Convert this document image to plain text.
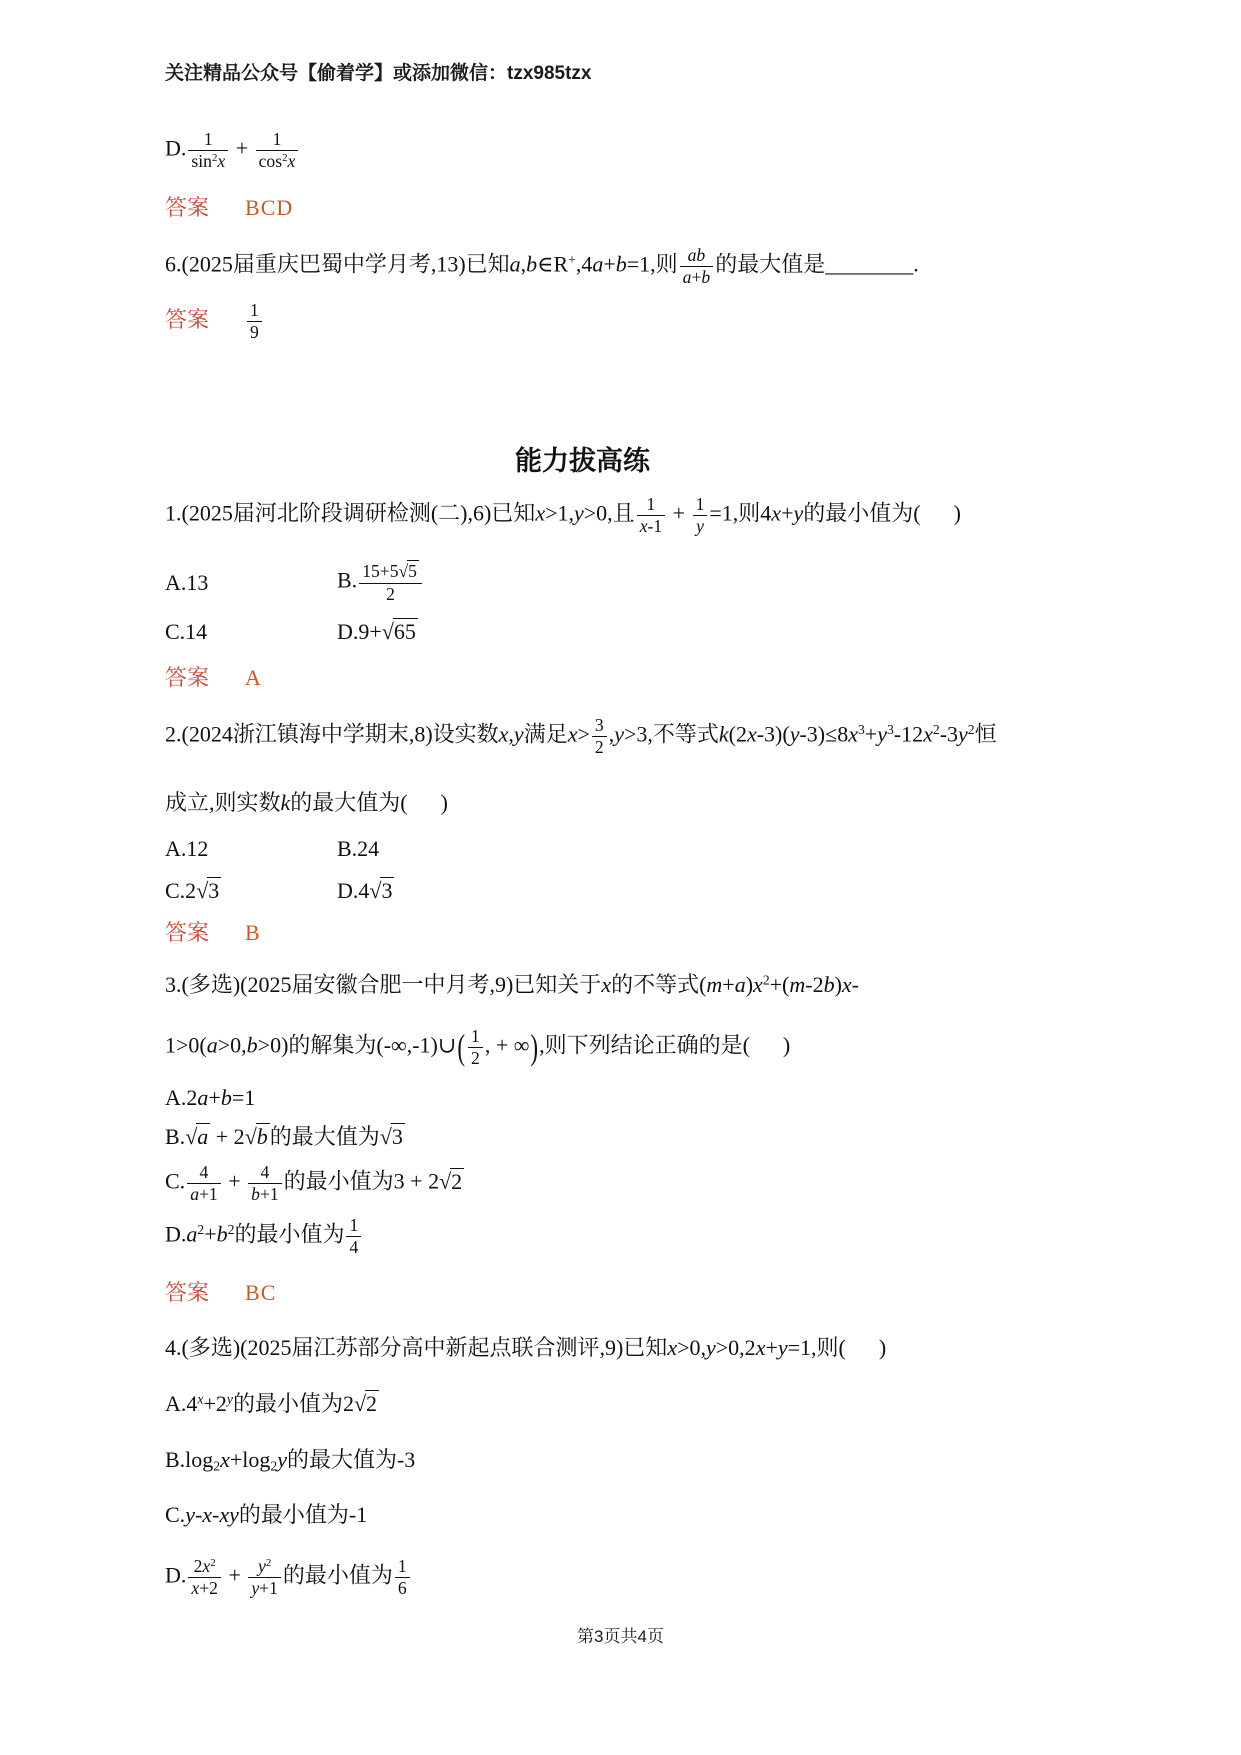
关注精品公众号【偷着学】或添加微信：tzx985tzx
D. $\frac{1}{\sin^2x} + \frac{1}{\cos^2x}$
答案 BCD
6.(2025届重庆巴蜀中学月考,13)已知a,b∈R+,4a+b=1,则 $\frac{ab}{a+b}$ 的最大值是________.
答案 $\frac{1}{9}$
能力拔高练
1.(2025届河北阶段调研检测(二),6)已知x>1,y>0,且 $\frac{1}{x-1} + \frac{1}{y} =1$,则4x+y的最小值为(      )
A.13	B. $\frac{15+5√5}{2}$
C.14	D.9+√65
答案 A
2.(2024浙江镇海中学期末,8)设实数x,y满足$x> \frac{3}{2} ,y>3$,不等式$k(2x-3)(y-3)\le 8x^3+y^3-12x^2-3y^2$恒
成立,则实数k的最大值为(      )
A.12	B.24
C.2√3	D.4√3
答案 B
3.(多选)(2025届安徽合肥一中月考,9)已知关于x的不等式$(m+a)x^2+(m-2b)x-$
1>0(a>0,b>0)的解集为(-∞,-1)∪( $\frac{1}{2}$ , + ∞),则下列结论正确的是(      )
A.2a+b=1
B.√a + 2√b的最大值为√3
C. $\frac{4}{a+1} + \frac{4}{b+1}$ 的最小值为3 + 2√2
$D.a^2+b^2$的最小值为 $\frac{1}{4}$
答案 BC
4.(多选)(2025届江苏部分高中新起点联合测评,9)已知x>0,y>0,2x+y=1,则(      )
$A.4^x+2^y$的最小值为2√2
$B.\log_2x+\log_2y$的最大值为-3
C.y-x-xy的最小值为-1
D. $\frac{2x^2}{x+2} + \frac{y^2}{y+1}$ 的最小值为 $\frac{1}{6}$
第3页共4页
